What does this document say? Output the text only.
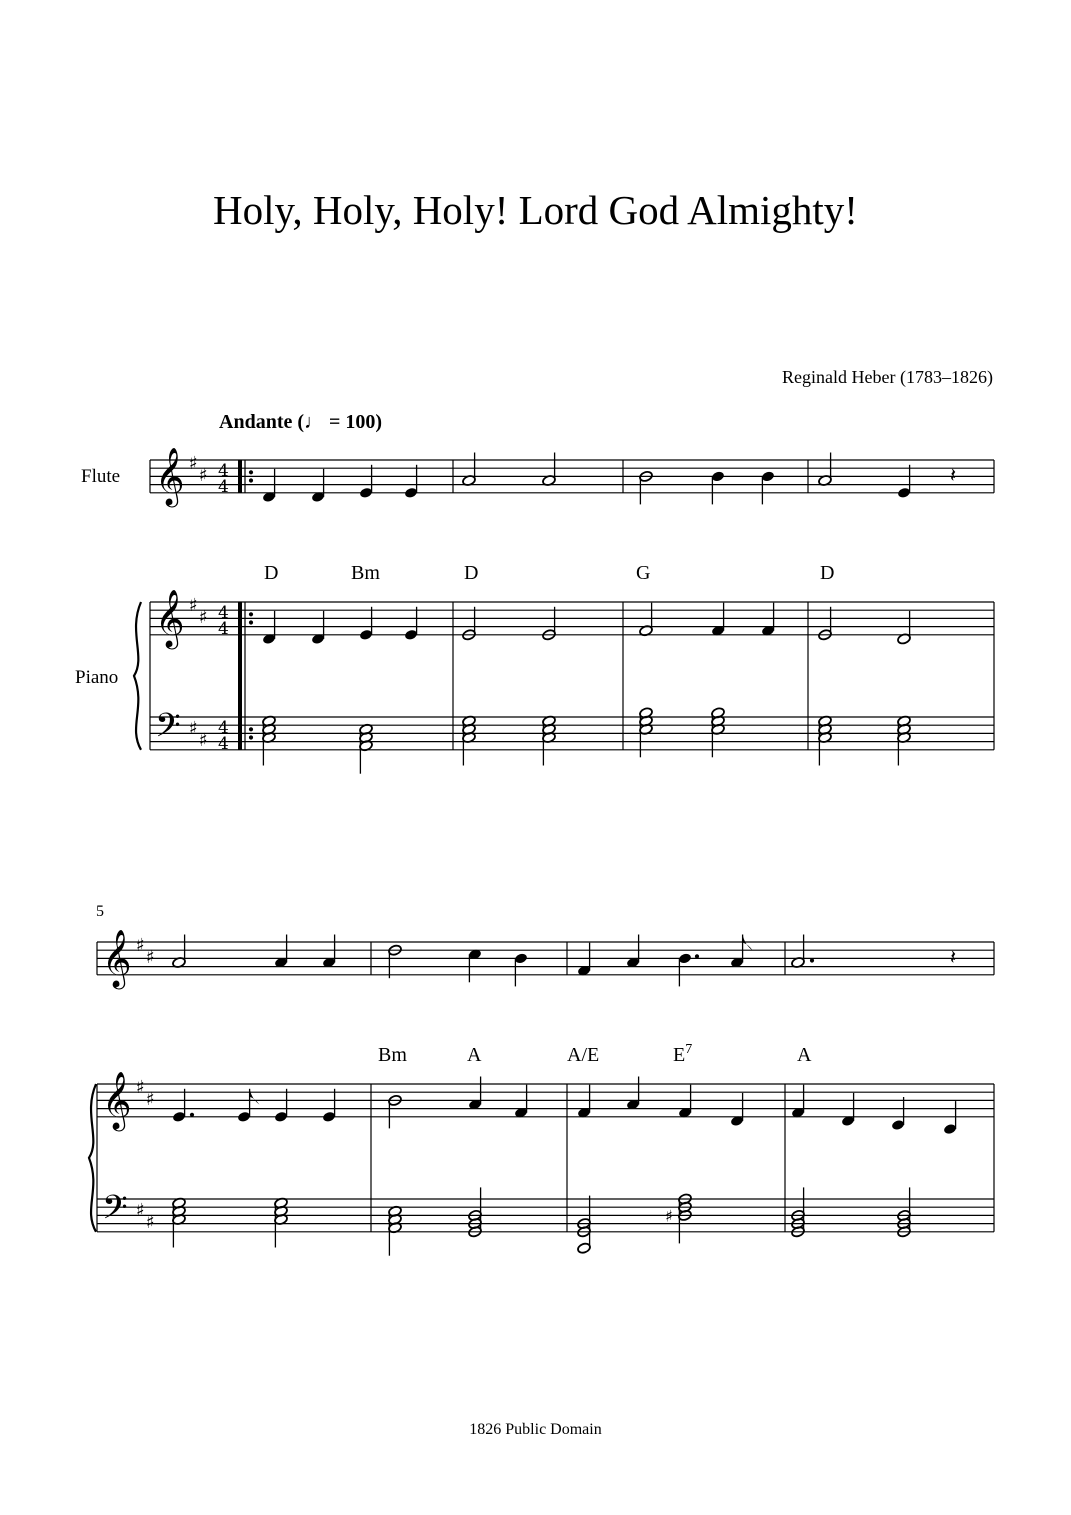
Holy, Holy, Holy! Lord God Almighty!
Reginald Heber (1783–1826)
Andante (♩ = 100)
Flute
Piano
5
1826 Public Domain
𝄞 ♯
♯ 4
4
𝄞 ♯
♯ 4
4
𝄢 ♯
♯
4
4
𝄽
𝄞 ♯
♯
𝄞 ♯
♯
𝄢 ♯
♯
𝄽
♯
D	Bm	D	G	D
Bm	A	A/E	$E^7$	A
